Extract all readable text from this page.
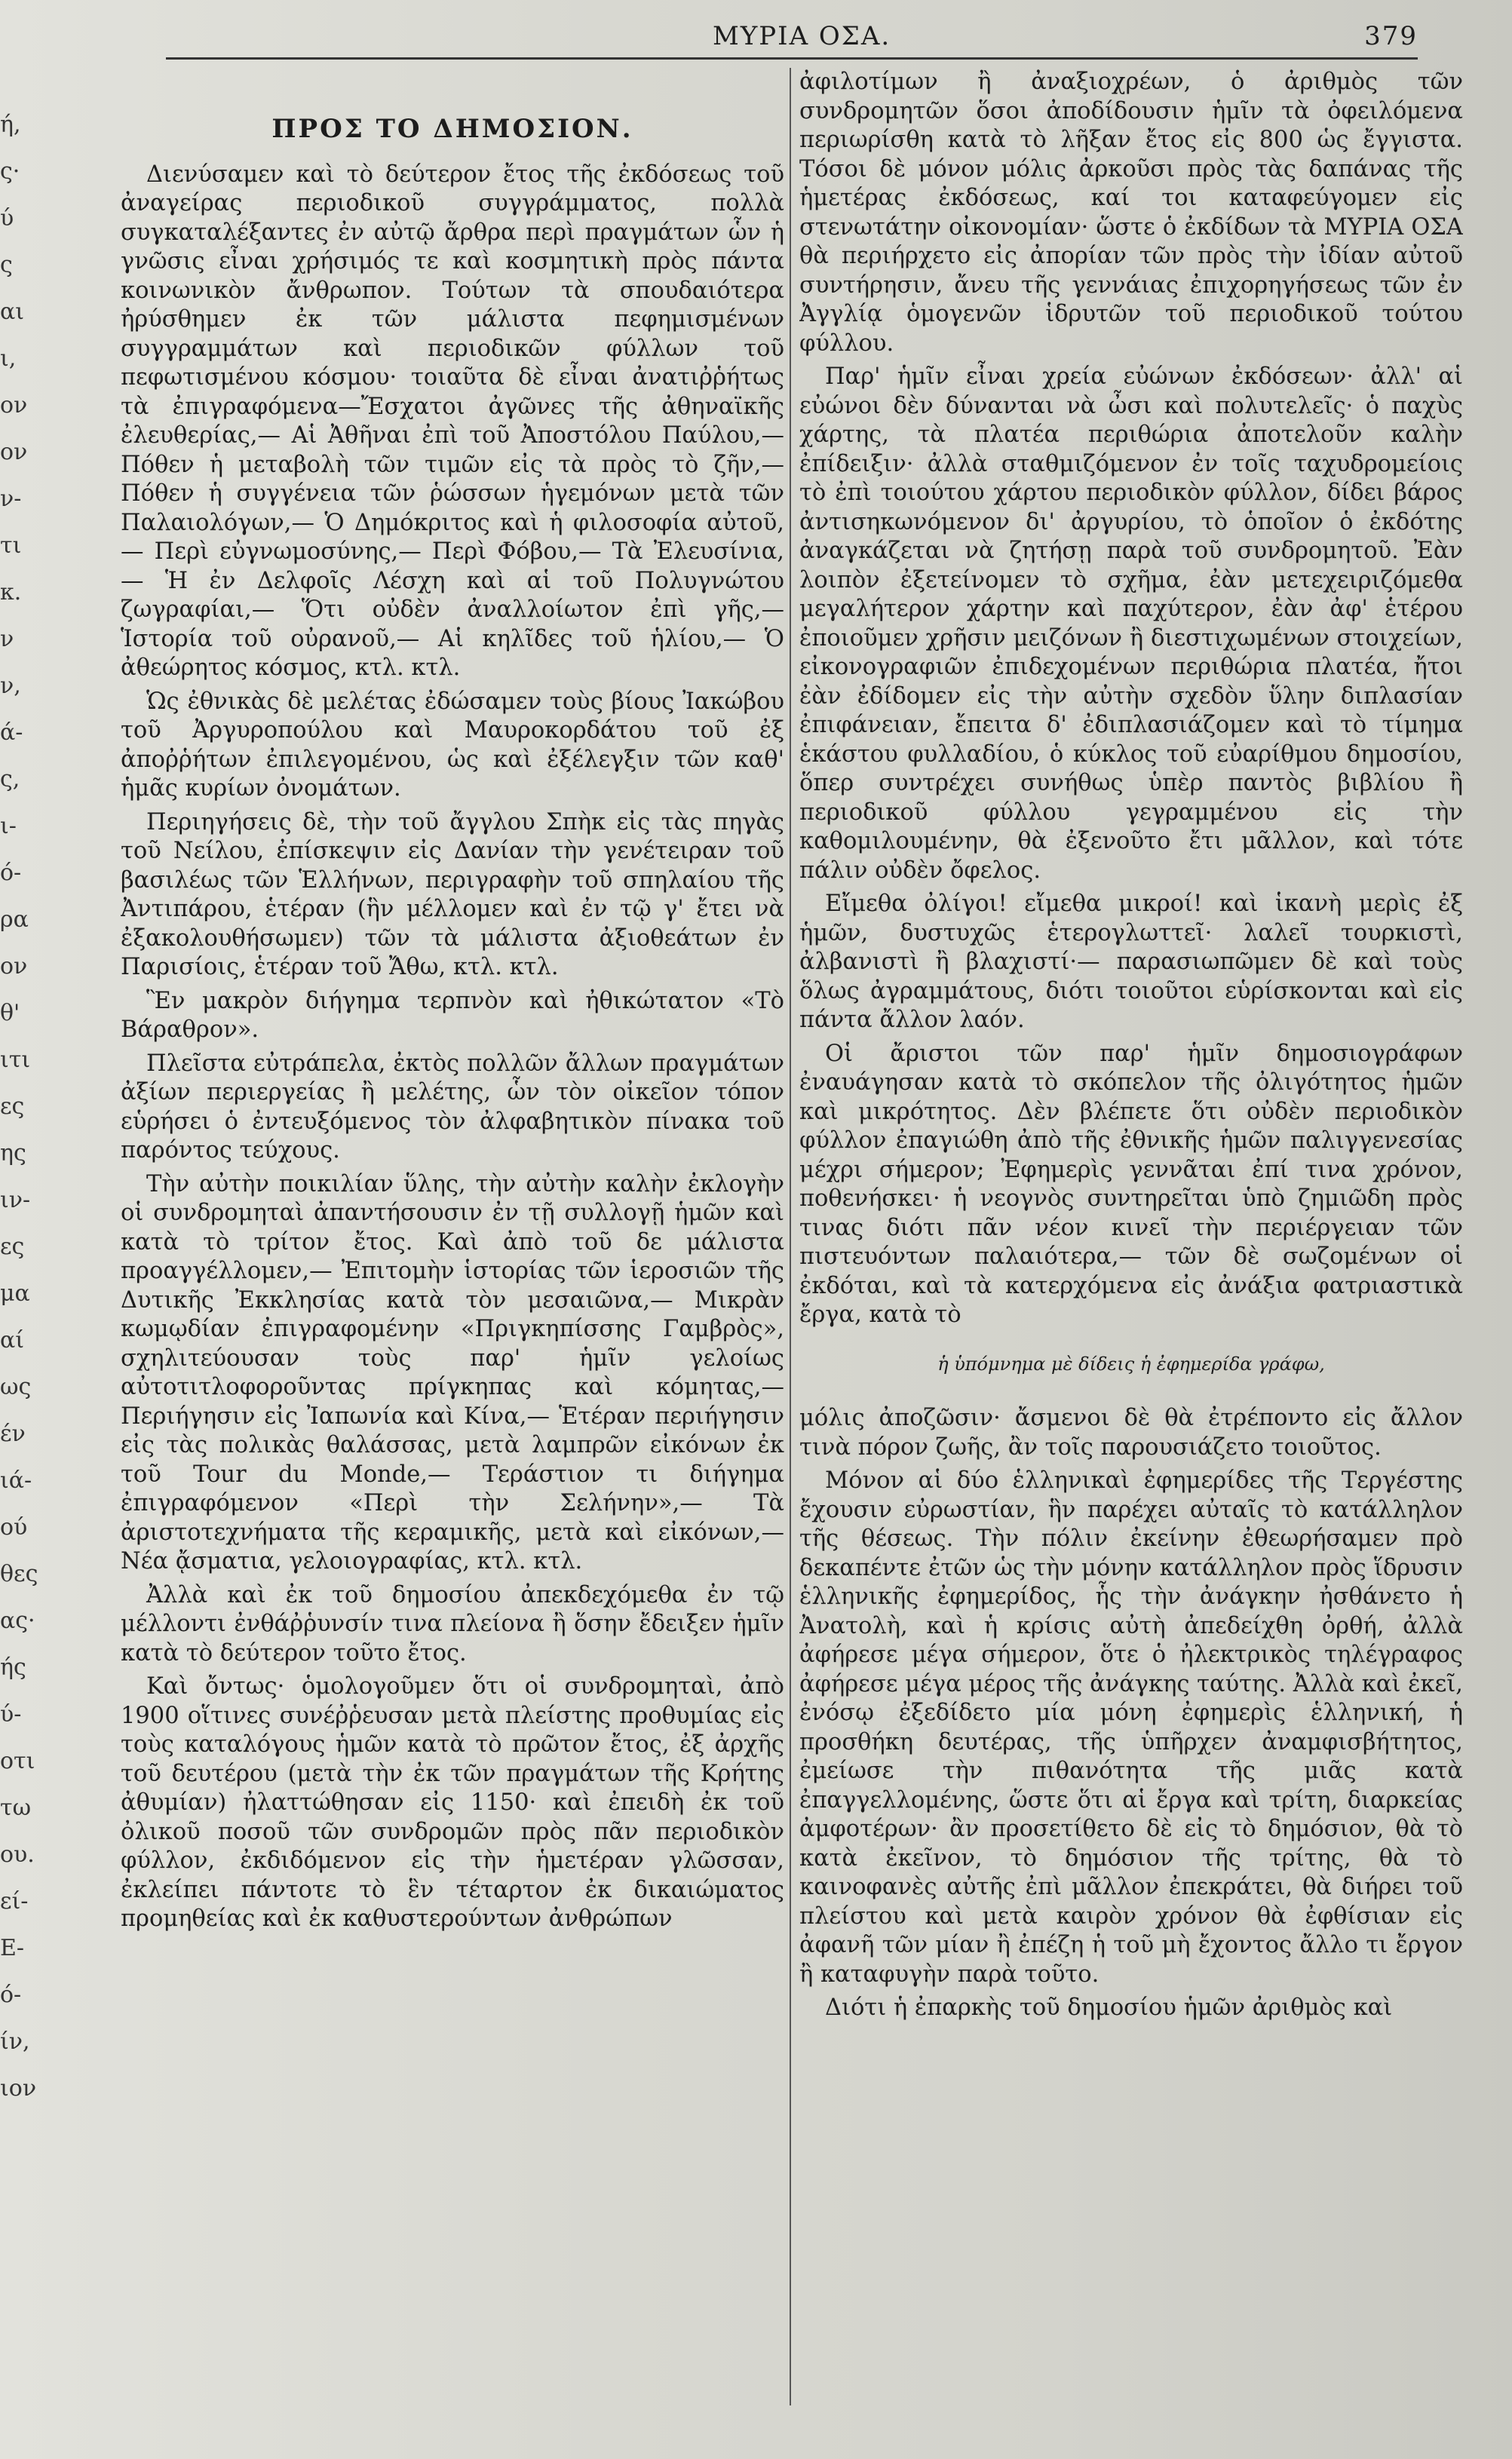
ή,
ς·
ύ
ς
αι
ι,
ον
ον
ν-
τι
κ.
ν
ν,
ά-
ς,
ι-
ό-
ρα
ον
θ'
ιτι
ες
ης
ιν-
ες
μα
αί
ως
έν
ιά-
ού
θες
ας·
ής
ύ-
οτι
τω
ου.
εί-
Ε-
ό-
ίν,
ιον
ΜΥΡΙΑ ΟΣΑ.	379
ΠΡΟΣ ΤΟ ΔΗΜΟΣΙΟΝ.

Διενύσαμεν καὶ τὸ δεύτερον ἔτος τῆς ἐκδόσεως τοῦ ἀναγείρας περιοδικοῦ συγγράμματος, πολλὰ συγκαταλέξαντες ἐν αὐτῷ ἄρθρα περὶ πραγμάτων ὧν ἡ γνῶσις εἶναι χρήσιμός τε καὶ κοσμητικὴ πρὸς πάντα κοινωνικὸν ἄνθρωπον. Τούτων τὰ σπουδαιότερα ἠρύσθημεν ἐκ τῶν μάλιστα πεφημισμένων συγγραμμάτων καὶ περιοδικῶν φύλλων τοῦ πεφωτισμένου κόσμου· τοιαῦτα δὲ εἶναι ἀνατιῤῥήτως τὰ ἐπιγραφόμενα—Ἔσχατοι ἀγῶνες τῆς ἀθηναϊκῆς ἐλευθερίας,— Αἱ Ἀθῆναι ἐπὶ τοῦ Ἀποστόλου Παύλου,— Πόθεν ἡ μεταβολὴ τῶν τιμῶν εἰς τὰ πρὸς τὸ ζῆν,— Πόθεν ἡ συγγένεια τῶν ῥώσσων ἡγεμόνων μετὰ τῶν Παλαιολόγων,— Ὁ Δημόκριτος καὶ ἡ φιλοσοφία αὐτοῦ,— Περὶ εὐγνωμοσύνης,— Περὶ Φόβου,— Τὰ Ἐλευσίνια,— Ἡ ἐν Δελφοῖς Λέσχη καὶ αἱ τοῦ Πολυγνώτου ζωγραφίαι,— Ὅτι οὐδὲν ἀναλλοίωτον ἐπὶ γῆς,— Ἱστορία τοῦ οὐρανοῦ,— Αἱ κηλῖδες τοῦ ἡλίου,— Ὁ ἀθεώρητος κόσμος, κτλ. κτλ.

Ὡς ἐθνικὰς δὲ μελέτας ἐδώσαμεν τοὺς βίους Ἰακώβου τοῦ Ἀργυροπούλου καὶ Μαυροκορδάτου τοῦ ἐξ ἀποῤῥήτων ἐπιλεγομένου, ὡς καὶ ἐξέλεγξιν τῶν καθ' ἡμᾶς κυρίων ὀνομάτων.

Περιηγήσεις δὲ, τὴν τοῦ ἄγγλου Σπὴκ εἰς τὰς πηγὰς τοῦ Νείλου, ἐπίσκεψιν εἰς Δανίαν τὴν γενέτειραν τοῦ βασιλέως τῶν Ἑλλήνων, περιγραφὴν τοῦ σπηλαίου τῆς Ἀντιπάρου, ἑτέραν (ἣν μέλλομεν καὶ ἐν τῷ γ' ἔτει νὰ ἐξακολουθήσωμεν) τῶν τὰ μάλιστα ἀξιοθεάτων ἐν Παρισίοις, ἑτέραν τοῦ Ἄθω, κτλ. κτλ.

Ἓν μακρὸν διήγημα τερπνὸν καὶ ἠθικώτατον «Τὸ Βάραθρον».

Πλεῖστα εὐτράπελα, ἐκτὸς πολλῶν ἄλλων πραγμάτων ἀξίων περιεργείας ἢ μελέτης, ὧν τὸν οἰκεῖον τόπον εὑρήσει ὁ ἐντευξόμενος τὸν ἀλφαβητικὸν πίνακα τοῦ παρόντος τεύχους.

Τὴν αὐτὴν ποικιλίαν ὕλης, τὴν αὐτὴν καλὴν ἐκλογὴν οἱ συνδρομηταὶ ἀπαντήσουσιν ἐν τῇ συλλογῇ ἡμῶν καὶ κατὰ τὸ τρίτον ἔτος. Καὶ ἀπὸ τοῦ δε μάλιστα προαγγέλλομεν,— Ἐπιτομὴν ἱστορίας τῶν ἱεροσιῶν τῆς Δυτικῆς Ἐκκλησίας κατὰ τὸν μεσαιῶνα,— Μικρὰν κωμῳδίαν ἐπιγραφομένην «Πριγκηπίσσης Γαμβρὸς», σχηλιτεύουσαν τοὺς παρ' ἡμῖν γελοίως αὐτοτιτλοφοροῦντας πρίγκηπας καὶ κόμητας,— Περιήγησιν εἰς Ἰαπωνία καὶ Κίνα,— Ἑτέραν περιήγησιν εἰς τὰς πολικὰς θαλάσσας, μετὰ λαμπρῶν εἰκόνων ἐκ τοῦ Tour du Monde,— Τεράστιον τι διήγημα ἐπιγραφόμενον «Περὶ τὴν Σελήνην»,— Τὰ ἀριστοτεχνήματα τῆς κεραμικῆς, μετὰ καὶ εἰκόνων,— Νέα ᾄσματια, γελοιογραφίας, κτλ. κτλ.

Ἀλλὰ καὶ ἐκ τοῦ δημοσίου ἀπεκδεχόμεθα ἐν τῷ μέλλοντι ἐνθάῤῥυνσίν τινα πλείονα ἢ ὅσην ἔδειξεν ἡμῖν κατὰ τὸ δεύτερον τοῦτο ἔτος.

Καὶ ὄντως· ὁμολογοῦμεν ὅτι οἱ συνδρομηταὶ, ἀπὸ 1900 οἵτινες συνέῤῥευσαν μετὰ πλείστης προθυμίας εἰς τοὺς καταλόγους ἡμῶν κατὰ τὸ πρῶτον ἔτος, ἐξ ἀρχῆς τοῦ δευτέρου (μετὰ τὴν ἐκ τῶν πραγμάτων τῆς Κρήτης ἀθυμίαν) ἠλαττώθησαν εἰς 1150· καὶ ἐπειδὴ ἐκ τοῦ ὀλικοῦ ποσοῦ τῶν συνδρομῶν πρὸς πᾶν περιοδικὸν φύλλον, ἐκδιδόμενον εἰς τὴν ἡμετέραν γλῶσσαν, ἐκλείπει πάντοτε τὸ ἓν τέταρτον ἐκ δικαιώματος προμηθείας καὶ ἐκ καθυστερούντων ἀνθρώπων

ἀφιλοτίμων ἢ ἀναξιοχρέων, ὁ ἀριθμὸς τῶν συνδρομητῶν ὅσοι ἀποδίδουσιν ἡμῖν τὰ ὀφειλόμενα περιωρίσθη κατὰ τὸ λῆξαν ἔτος εἰς 800 ὡς ἔγγιστα. Τόσοι δὲ μόνον μόλις ἀρκοῦσι πρὸς τὰς δαπάνας τῆς ἡμετέρας ἐκδόσεως, καί τοι καταφεύγομεν εἰς στενωτάτην οἰκονομίαν· ὥστε ὁ ἐκδίδων τὰ ΜΥΡΙΑ ΟΣΑ θὰ περιήρχετο εἰς ἀπορίαν τῶν πρὸς τὴν ἰδίαν αὐτοῦ συντήρησιν, ἄνευ τῆς γεννάιας ἐπιχορηγήσεως τῶν ἐν Ἀγγλίᾳ ὁμογενῶν ἱδρυτῶν τοῦ περιοδικοῦ τούτου φύλλου.

Παρ' ἡμῖν εἶναι χρεία εὐώνων ἐκδόσεων· ἀλλ' αἱ εὐώνοι δὲν δύνανται νὰ ὦσι καὶ πολυτελεῖς· ὁ παχὺς χάρτης, τὰ πλατέα περιθώρια ἀποτελοῦν καλὴν ἐπίδειξιν· ἀλλὰ σταθμιζόμενον ἐν τοῖς ταχυδρομείοις τὸ ἐπὶ τοιούτου χάρτου περιοδικὸν φύλλον, δίδει βάρος ἀντισηκωνόμενον δι' ἀργυρίου, τὸ ὁποῖον ὁ ἐκδότης ἀναγκάζεται νὰ ζητήσῃ παρὰ τοῦ συνδρομητοῦ. Ἐὰν λοιπὸν ἐξετείνομεν τὸ σχῆμα, ἐὰν μετεχειριζόμεθα μεγαλήτερον χάρτην καὶ παχύτερον, ἐὰν ἀφ' ἑτέρου ἐποιοῦμεν χρῆσιν μειζόνων ἢ διεστιχωμένων στοιχείων, εἰκονογραφιῶν ἐπιδεχομένων περιθώρια πλατέα, ἤτοι ἐὰν ἐδίδομεν εἰς τὴν αὐτὴν σχεδὸν ὕλην διπλασίαν ἐπιφάνειαν, ἔπειτα δ' ἐδιπλασιάζομεν καὶ τὸ τίμημα ἑκάστου φυλλαδίου, ὁ κύκλος τοῦ εὐαρίθμου δημοσίου, ὅπερ συντρέχει συνήθως ὑπὲρ παντὸς βιβλίου ἢ περιοδικοῦ φύλλου γεγραμμένου εἰς τὴν καθομιλουμένην, θὰ ἐξενοῦτο ἔτι μᾶλλον, καὶ τότε πάλιν οὐδὲν ὄφελος.

Εἴμεθα ὀλίγοι! εἴμεθα μικροί! καὶ ἱκανὴ μερὶς ἐξ ἡμῶν, δυστυχῶς ἑτερογλωττεῖ· λαλεῖ τουρκιστὶ, ἀλβανιστὶ ἢ βλαχιστί·— παρασιωπῶμεν δὲ καὶ τοὺς ὅλως ἀγραμμάτους, διότι τοιοῦτοι εὑρίσκονται καὶ εἰς πάντα ἄλλον λαόν.

Οἱ ἄριστοι τῶν παρ' ἡμῖν δημοσιογράφων ἐναυάγησαν κατὰ τὸ σκόπελον τῆς ὀλιγότητος ἡμῶν καὶ μικρότητος. Δὲν βλέπετε ὅτι οὐδὲν περιοδικὸν φύλλον ἐπαγιώθη ἀπὸ τῆς ἐθνικῆς ἡμῶν παλιγγενεσίας μέχρι σήμερον; Ἐφημερὶς γεννᾶται ἐπί τινα χρόνον, ποθενήσκει· ἡ νεογνὸς συντηρεῖται ὑπὸ ζημιῶδη πρὸς τινας διότι πᾶν νέον κινεῖ τὴν περιέργειαν τῶν πιστευόντων παλαιότερα,— τῶν δὲ σωζομένων οἱ ἐκδόται, καὶ τὰ κατερχόμενα εἰς ἀνάξια φατριαστικὰ ἔργα, κατὰ τὸ

ἡ ὑπόμνημα μὲ δίδεις ἡ ἐφημερίδα γράφω,

μόλις ἀποζῶσιν· ἄσμενοι δὲ θὰ ἐτρέποντο εἰς ἄλλον τινὰ πόρον ζωῆς, ἂν τοῖς παρουσιάζετο τοιοῦτος.

Μόνον αἱ δύο ἑλληνικαὶ ἐφημερίδες τῆς Τεργέστης ἔχουσιν εὐρωστίαν, ἣν παρέχει αὐταῖς τὸ κατάλληλον τῆς θέσεως. Τὴν πόλιν ἐκείνην ἐθεωρήσαμεν πρὸ δεκαπέντε ἐτῶν ὡς τὴν μόνην κατάλληλον πρὸς ἵδρυσιν ἑλληνικῆς ἐφημερίδος, ἧς τὴν ἀνάγκην ἠσθάνετο ἡ Ἀνατολὴ, καὶ ἡ κρίσις αὐτὴ ἀπεδείχθη ὀρθή, ἀλλὰ ἀφήρεσε μέγα σήμερον, ὅτε ὁ ἠλεκτρικὸς τηλέγραφος ἀφήρεσε μέγα μέρος τῆς ἀνάγκης ταύτης. Ἀλλὰ καὶ ἐκεῖ, ἐνόσῳ ἐξεδίδετο μία μόνη ἐφημερὶς ἑλληνική, ἡ προσθήκη δευτέρας, τῆς ὑπῆρχεν ἀναμφισβήτητος, ἐμείωσε τὴν πιθανότητα τῆς μιᾶς κατὰ ἐπαγγελλομένης, ὥστε ὅτι αἱ ἔργα καὶ τρίτη, διαρκείας ἀμφοτέρων· ἂν προσετίθετο δὲ εἰς τὸ δημόσιον, θὰ τὸ κατὰ ἐκεῖνον, τὸ δημόσιον τῆς τρίτης, θὰ τὸ καινοφανὲς αὐτῆς ἐπὶ μᾶλλον ἐπεκράτει, θὰ διήρει τοῦ πλείστου καὶ μετὰ καιρὸν χρόνον θὰ ἐφθίσιαν εἰς ἀφανῆ τῶν μίαν ἢ ἐπέζη ἡ τοῦ μὴ ἔχοντος ἄλλο τι ἔργον ἢ καταφυγὴν παρὰ τοῦτο.

Διότι ἡ ἐπαρκὴς τοῦ δημοσίου ἡμῶν ἀριθμὸς καὶ
